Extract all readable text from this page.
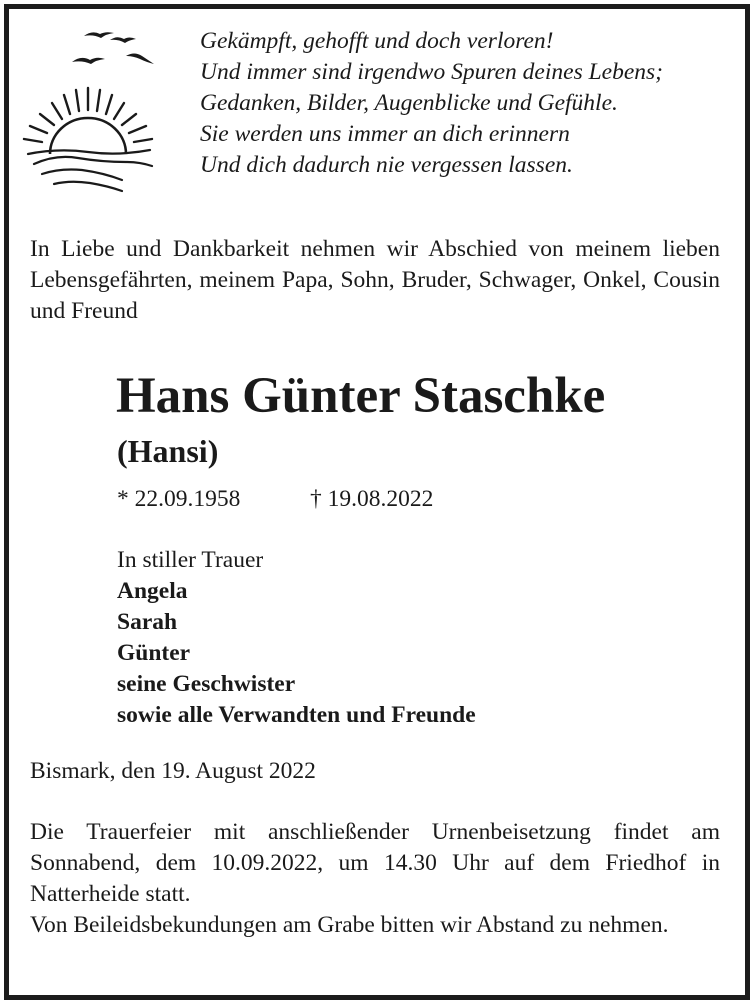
Gekämpft, gehofft und doch verloren!
Und immer sind irgendwo Spuren deines Lebens;
Gedanken, Bilder, Augenblicke und Gefühle.
Sie werden uns immer an dich erinnern
Und dich dadurch nie vergessen lassen.
In Liebe und Dankbarkeit nehmen wir Abschied von meinem lieben Lebensgefährten, meinem Papa, Sohn, Bruder, Schwager, Onkel, Cousin und Freund
Hans Günter Staschke
(Hansi)
* 22.09.1958	† 19.08.2022
In stiller Trauer
Angela
Sarah
Günter
seine Geschwister
sowie alle Verwandten und Freunde
Bismark, den 19. August 2022

Die Trauerfeier mit anschließender Urnenbeisetzung findet am Sonnabend, dem 10.09.2022, um 14.30 Uhr auf dem Friedhof in Natterheide statt.

Von Beileidsbekundungen am Grabe bitten wir Abstand zu nehmen.
